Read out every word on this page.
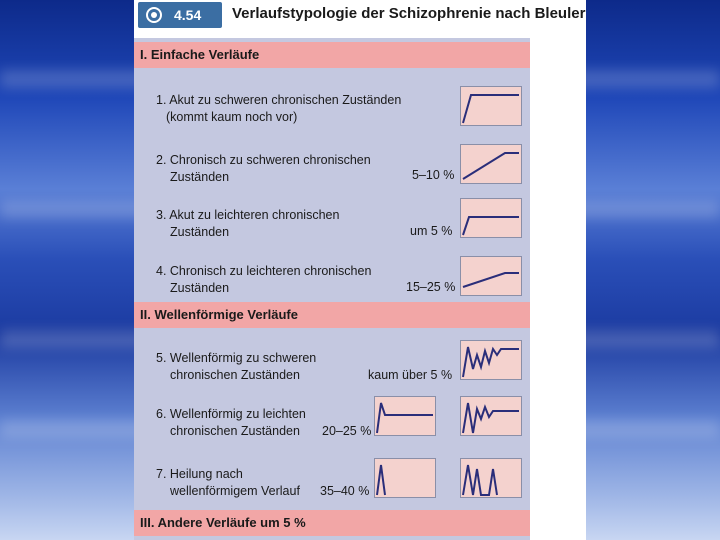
4.54 Verlaufstypologie der Schizophrenie nach Bleuler
I. Einfache Verläufe
1. Akut zu schweren chronischen Zuständen
(kommt kaum noch vor)
2. Chronisch zu schweren chronischen
Zuständen	5–10 %
3. Akut zu leichteren chronischen
Zuständen	um 5 %
4. Chronisch zu leichteren chronischen
Zuständen	15–25 %
II. Wellenförmige Verläufe
5. Wellenförmig zu schweren
chronischen Zuständen	kaum über 5 %
6. Wellenförmig zu leichten
chronischen Zuständen	20–25 %
7. Heilung nach
wellenförmigem Verlauf 35–40 %
III. Andere Verläufe um 5 %
